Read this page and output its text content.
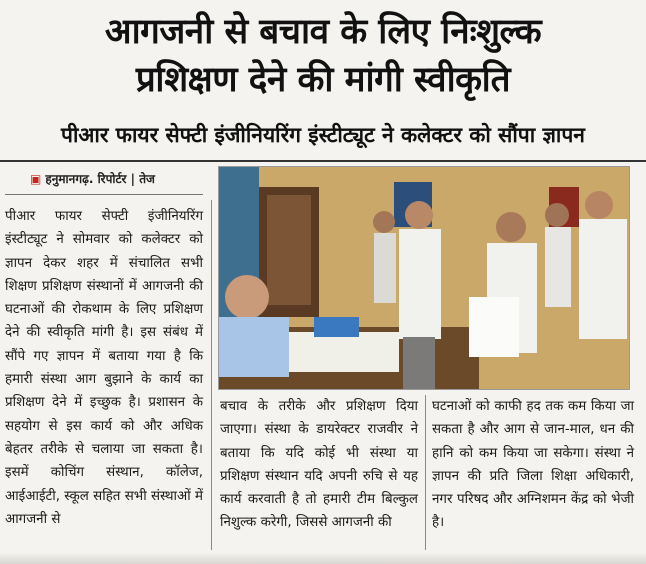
आगजनी से बचाव के लिए निःशुल्क
प्रशिक्षण देने की मांगी स्वीकृति
पीआर फायर सेफ्टी इंजीनियरिंग इंस्टीट्यूट ने कलेक्टर को सौंपा ज्ञापन
▣ हनुमानगढ़. रिपोर्टर | तेज
पीआर फायर सेफ्टी इंजीनियरिंग इंस्टीट्यूट ने सोमवार को कलेक्टर को ज्ञापन देकर शहर में संचालित सभी शिक्षण प्रशिक्षण संस्थानों में आगजनी की घटनाओं की रोकथाम के लिए प्रशिक्षण देने की स्वीकृति मांगी है। इस संबंध में सौंपे गए ज्ञापन में बताया गया है कि हमारी संस्था आग बुझाने के कार्य का प्रशिक्षण देने में इच्छुक है। प्रशासन के सहयोग से इस कार्य को और अधिक बेहतर तरीके से चलाया जा सकता है। इसमें कोचिंग संस्थान, कॉलेज, आईआईटी, स्कूल सहित सभी संस्थाओं में आगजनी से
बचाव के तरीके और प्रशिक्षण दिया जाएगा। संस्था के डायरेक्टर राजवीर ने बताया कि यदि कोई भी संस्था या प्रशिक्षण संस्थान यदि अपनी रुचि से यह कार्य करवाती है तो हमारी टीम बिल्कुल निशुल्क करेगी, जिससे आगजनी की
घटनाओं को काफी हद तक कम किया जा सकता है और आग से जान-माल, धन की हानि को कम किया जा सकेगा। संस्था ने ज्ञापन की प्रति जिला शिक्षा अधिकारी, नगर परिषद और अग्निशमन केंद्र को भेजी है।
